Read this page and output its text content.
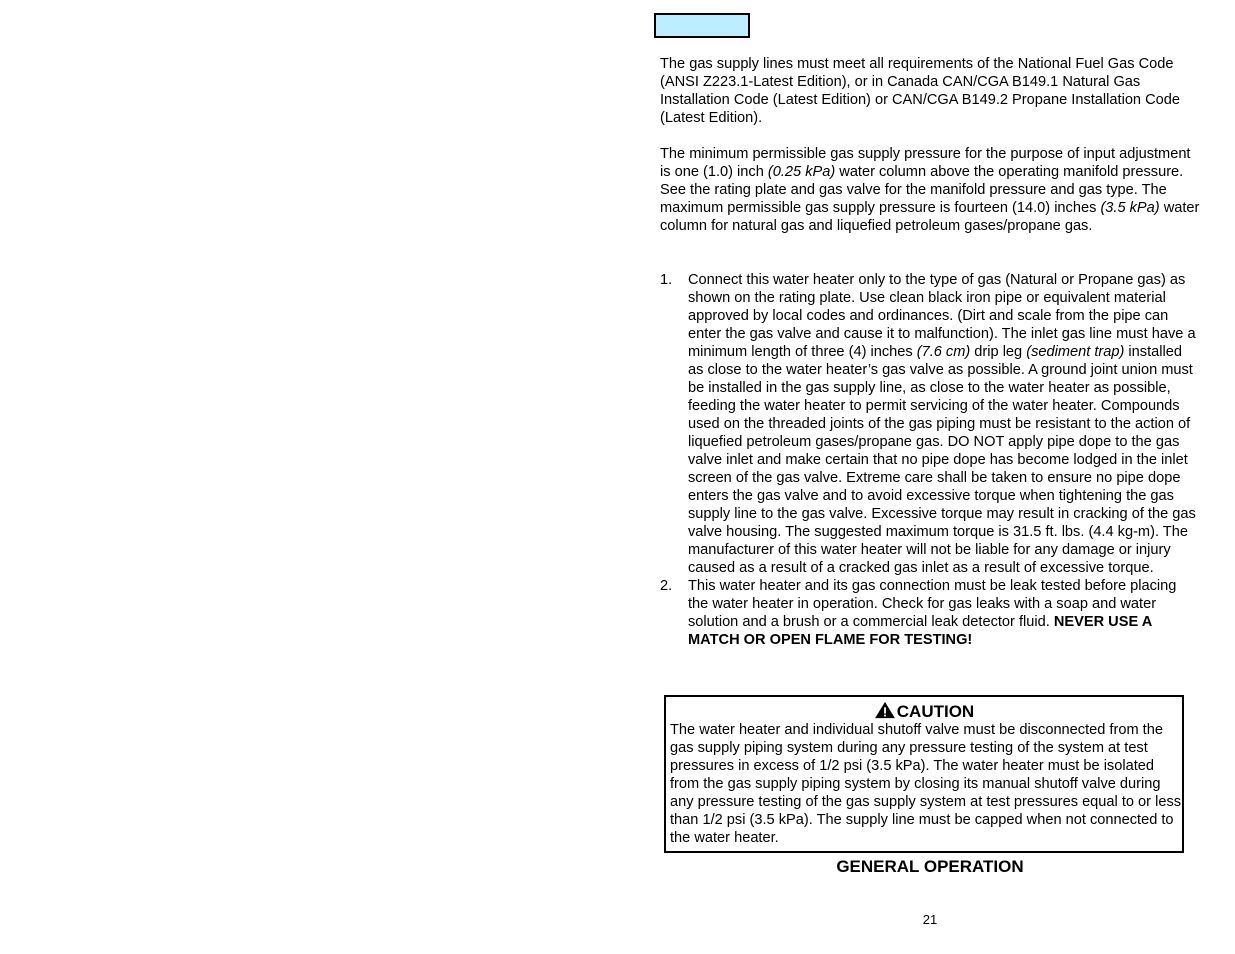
The gas supply lines must meet all requirements of the National Fuel Gas Code (ANSI Z223.1-Latest Edition), or in Canada CAN/CGA B149.1 Natural Gas Installation Code (Latest Edition) or CAN/CGA B149.2 Propane Installation Code (Latest Edition).
The minimum permissible gas supply pressure for the purpose of input adjustment is one (1.0) inch (0.25 kPa) water column above the operating manifold pressure. See the rating plate and gas valve for the manifold pressure and gas type. The maximum permissible gas supply pressure is fourteen (14.0) inches (3.5 kPa) water column for natural gas and liquefied petroleum gases/propane gas.
1. Connect this water heater only to the type of gas (Natural or Propane gas) as shown on the rating plate. Use clean black iron pipe or equivalent material approved by local codes and ordinances. (Dirt and scale from the pipe can enter the gas valve and cause it to malfunction). The inlet gas line must have a minimum length of three (4) inches (7.6 cm) drip leg (sediment trap) installed as close to the water heater’s gas valve as possible. A ground joint union must be installed in the gas supply line, as close to the water heater as possible, feeding the water heater to permit servicing of the water heater. Compounds used on the threaded joints of the gas piping must be resistant to the action of liquefied petroleum gases/propane gas. DO NOT apply pipe dope to the gas valve inlet and make certain that no pipe dope has become lodged in the inlet screen of the gas valve. Extreme care shall be taken to ensure no pipe dope enters the gas valve and to avoid excessive torque when tightening the gas supply line to the gas valve. Excessive torque may result in cracking of the gas valve housing. The suggested maximum torque is 31.5 ft. lbs. (4.4 kg-m). The manufacturer of this water heater will not be liable for any damage or injury caused as a result of a cracked gas inlet as a result of excessive torque.
2. This water heater and its gas connection must be leak tested before placing the water heater in operation. Check for gas leaks with a soap and water solution and a brush or a commercial leak detector fluid. NEVER USE A MATCH OR OPEN FLAME FOR TESTING!
CAUTION
The water heater and individual shutoff valve must be disconnected from the gas supply piping system during any pressure testing of the system at test pressures in excess of 1/2 psi (3.5 kPa). The water heater must be isolated from the gas supply piping system by closing its manual shutoff valve during any pressure testing of the gas supply system at test pressures equal to or less than 1/2 psi (3.5 kPa). The supply line must be capped when not connected to the water heater.
GENERAL OPERATION
21
